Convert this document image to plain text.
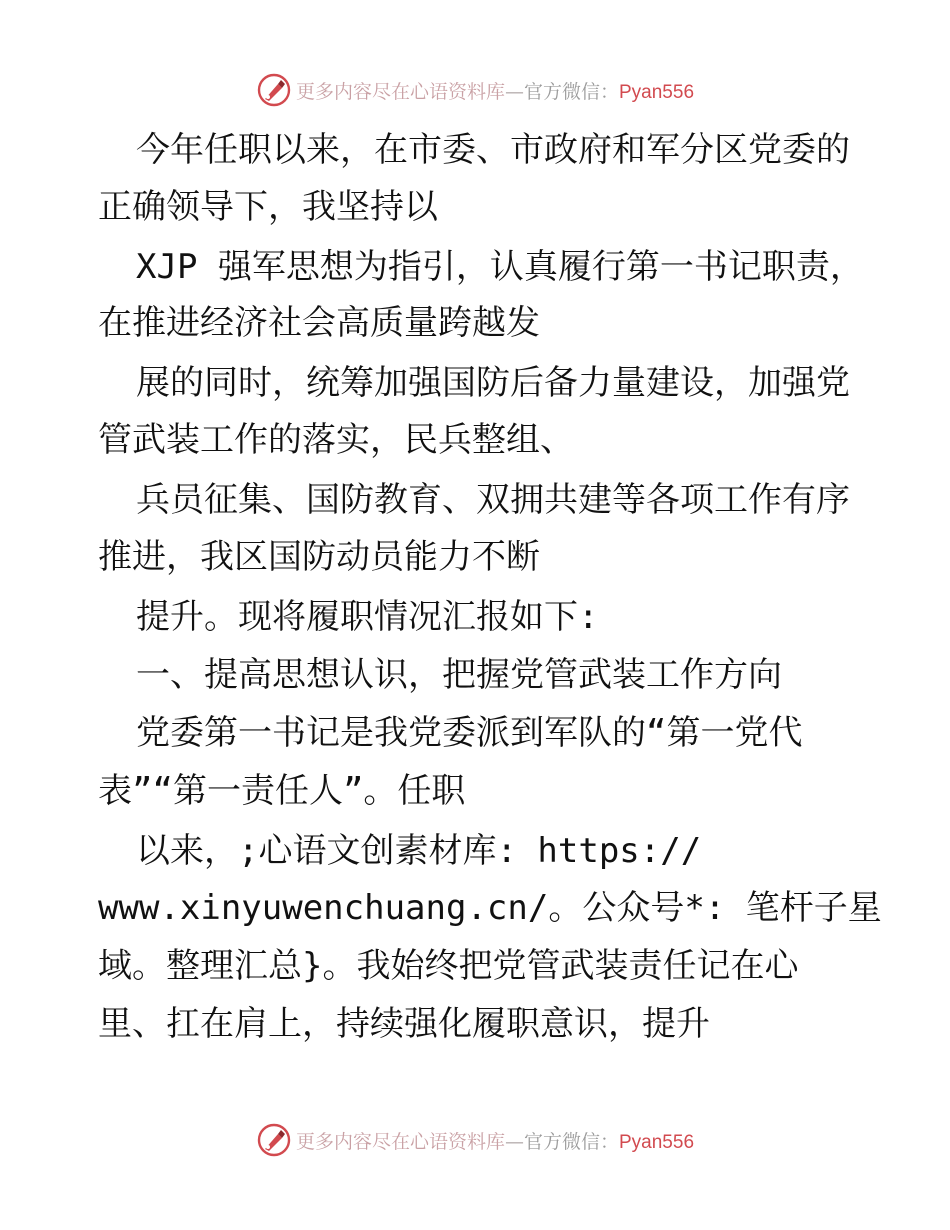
更多内容尽在心语资料库—官方微信：Pyan556
今年任职以来，在市委、市政府和军分区党委的
正确领导下，我坚持以
XJP 强军思想为指引，认真履行第一书记职责，
在推进经济社会高质量跨越发
展的同时，统筹加强国防后备力量建设，加强党
管武装工作的落实，民兵整组、
兵员征集、国防教育、双拥共建等各项工作有序
推进，我区国防动员能力不断
提升。现将履职情况汇报如下:
一、提高思想认识，把握党管武装工作方向
党委第一书记是我党委派到军队的“第一党代
表”“第一责任人”。任职
以来，;心语文创素材库: https://
www.xinyuwenchuang.cn/。公众号*: 笔杆子星
域。整理汇总}。我始终把党管武装责任记在心
里、扛在肩上，持续强化履职意识，提升
更多内容尽在心语资料库—官方微信：Pyan556
